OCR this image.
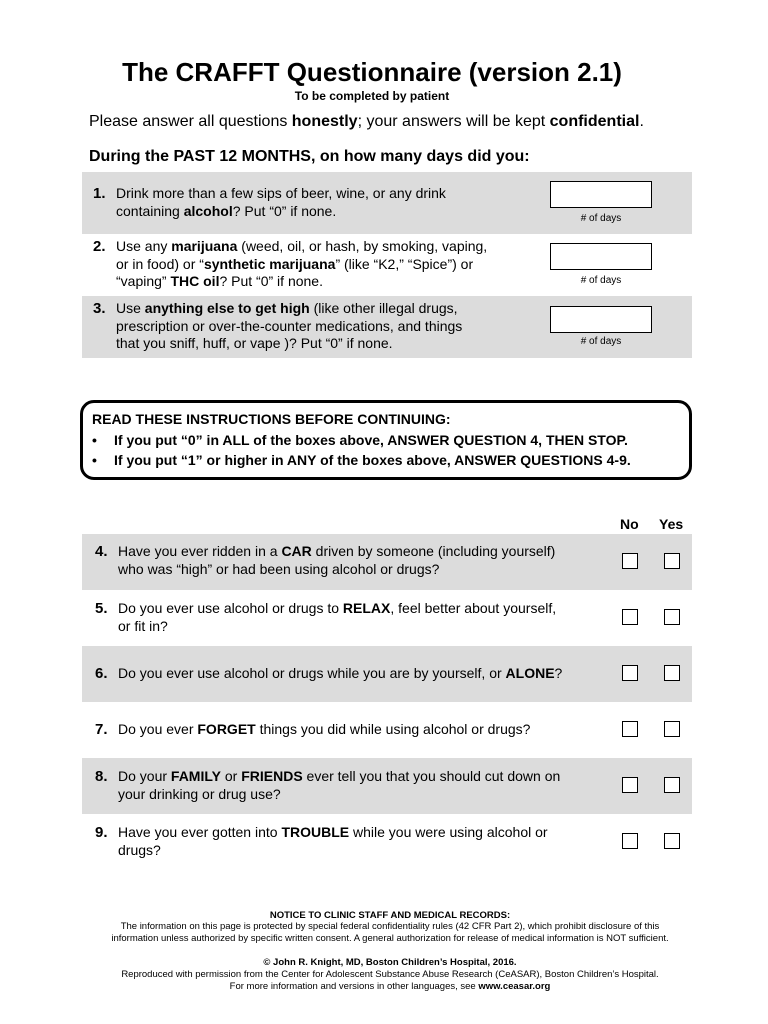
The CRAFFT Questionnaire (version 2.1)
To be completed by patient
Please answer all questions honestly; your answers will be kept confidential.
During the PAST 12 MONTHS, on how many days did you:
1. Drink more than a few sips of beer, wine, or any drink
containing alcohol? Put “0” if none.	# of days
2. Use any marijuana (weed, oil, or hash, by smoking, vaping,
or in food) or “synthetic marijuana” (like “K2,” “Spice”) or
“vaping” THC oil? Put “0” if none.	# of days
3. Use anything else to get high (like other illegal drugs,
prescription or over-the-counter medications, and things
that you sniff, huff, or vape )? Put “0” if none.	# of days
READ THESE INSTRUCTIONS BEFORE CONTINUING:
• If you put “0” in ALL of the boxes above, ANSWER QUESTION 4, THEN STOP.
• If you put “1” or higher in ANY of the boxes above, ANSWER QUESTIONS 4-9.
No Yes
4. Have you ever ridden in a CAR driven by someone (including yourself)
who was “high” or had been using alcohol or drugs?
5. Do you ever use alcohol or drugs to RELAX, feel better about yourself,
or fit in?
6. Do you ever use alcohol or drugs while you are by yourself, or ALONE?
7. Do you ever FORGET things you did while using alcohol or drugs?
8. Do your FAMILY or FRIENDS ever tell you that you should cut down on
your drinking or drug use?
9. Have you ever gotten into TROUBLE while you were using alcohol or
drugs?
NOTICE TO CLINIC STAFF AND MEDICAL RECORDS:
The information on this page is protected by special federal confidentiality rules (42 CFR Part 2), which prohibit disclosure of this
information unless authorized by specific written consent. A general authorization for release of medical information is NOT sufficient.
© John R. Knight, MD, Boston Children’s Hospital, 2016.
Reproduced with permission from the Center for Adolescent Substance Abuse Research (CeASAR), Boston Children’s Hospital.
For more information and versions in other languages, see www.ceasar.org
